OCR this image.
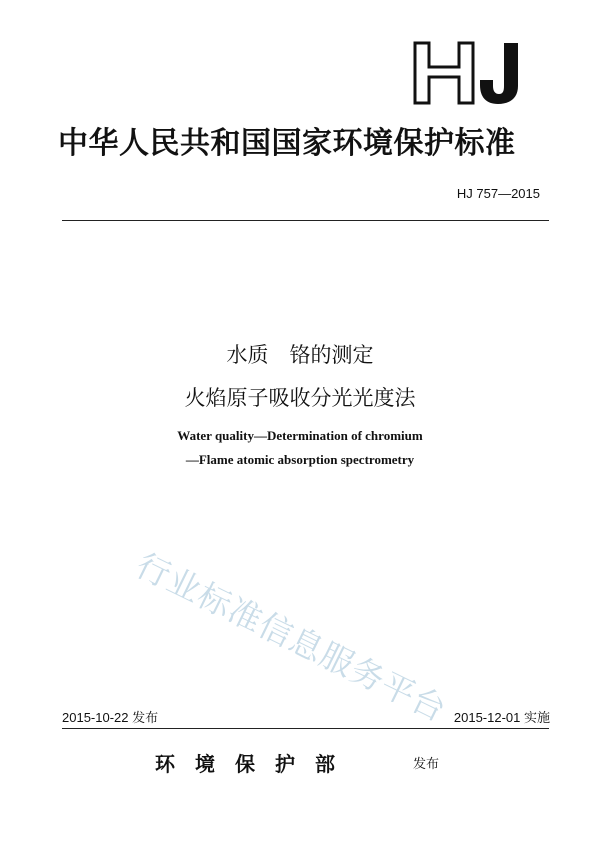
中华人民共和国国家环境保护标准
HJ 757—2015
水质　铬的测定
火焰原子吸收分光光度法
Water quality—Determination of chromium
—Flame atomic absorption spectrometry
行业标准信息服务平台
2015-10-22 发布	2015-12-01 实施
环境保护部	发布
